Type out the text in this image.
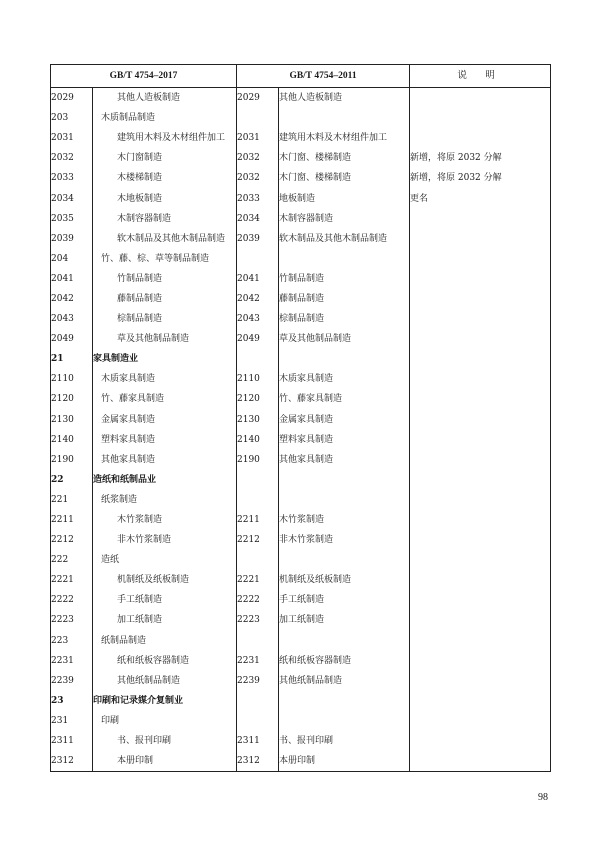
GB/T 4754–2017		GB/T 4754–2011		说 明
2029	其他人造板制造	2029	其他人造板制造	
203	木质制品制造			
2031	建筑用木料及木材组件加工	2031	建筑用木料及木材组件加工	
2032	木门窗制造	2032	木门窗、楼梯制造	新增，将原 2032 分解
2033	木楼梯制造	2032	木门窗、楼梯制造	新增，将原 2032 分解
2034	木地板制造	2033	地板制造	更名
2035	木制容器制造	2034	木制容器制造	
2039	软木制品及其他木制品制造	2039	软木制品及其他木制品制造	
204	竹、藤、棕、草等制品制造			
2041	竹制品制造	2041	竹制品制造	
2042	藤制品制造	2042	藤制品制造	
2043	棕制品制造	2043	棕制品制造	
2049	草及其他制品制造	2049	草及其他制品制造	
21	家具制造业			
2110	木质家具制造	2110	木质家具制造	
2120	竹、藤家具制造	2120	竹、藤家具制造	
2130	金属家具制造	2130	金属家具制造	
2140	塑料家具制造	2140	塑料家具制造	
2190	其他家具制造	2190	其他家具制造	
22	造纸和纸制品业			
221	纸浆制造			
2211	木竹浆制造	2211	木竹浆制造	
2212	非木竹浆制造	2212	非木竹浆制造	
222	造纸			
2221	机制纸及纸板制造	2221	机制纸及纸板制造	
2222	手工纸制造	2222	手工纸制造	
2223	加工纸制造	2223	加工纸制造	
223	纸制品制造			
2231	纸和纸板容器制造	2231	纸和纸板容器制造	
2239	其他纸制品制造	2239	其他纸制品制造	
23	印刷和记录媒介复制业			
231	印刷			
2311	书、报刊印刷	2311	书、报刊印刷	
2312	本册印制	2312	本册印制	
98
